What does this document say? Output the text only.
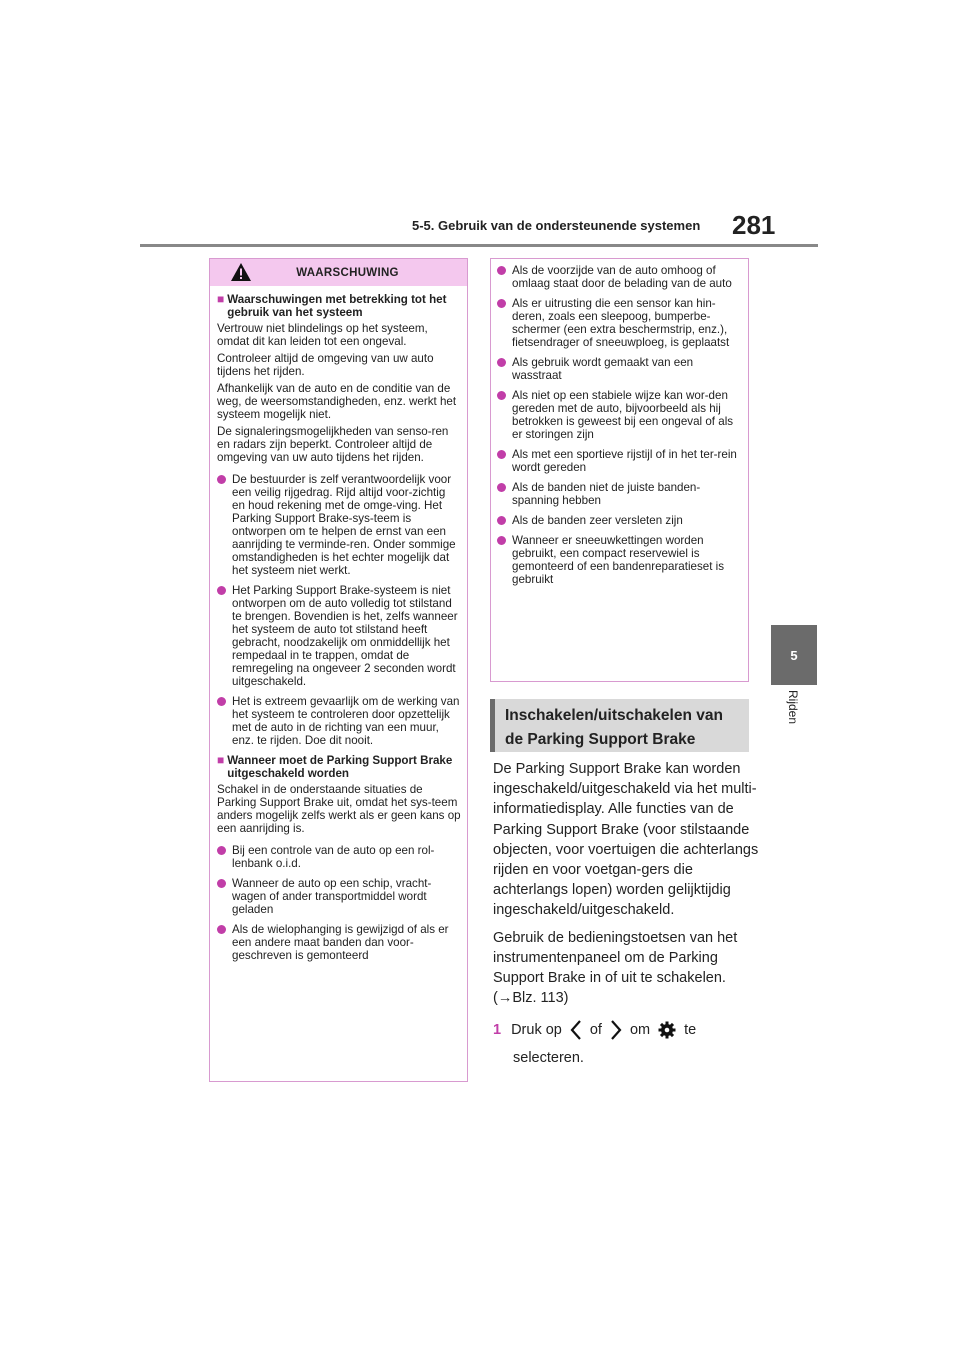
5-5. Gebruik van de ondersteunende systemen 281
5
Rijden
WAARSCHUWING
■ Waarschuwingen met betrekking tot het gebruik van het systeem

Vertrouw niet blindelings op het systeem, omdat dit kan leiden tot een ongeval.

Controleer altijd de omgeving van uw auto tijdens het rijden.

Afhankelijk van de auto en de conditie van de weg, de weersomstandigheden, enz. werkt het systeem mogelijk niet.

De signaleringsmogelijkheden van senso-ren en radars zijn beperkt. Controleer altijd de omgeving van uw auto tijdens het rijden.

De bestuurder is zelf verantwoordelijk voor een veilig rijgedrag. Rijd altijd voor-zichtig en houd rekening met de omge-ving. Het Parking Support Brake-sys-teem is ontworpen om te helpen de ernst van een aanrijding te verminde-ren. Onder sommige omstandigheden is het echter mogelijk dat het systeem niet werkt.
Het Parking Support Brake-systeem is niet ontworpen om de auto volledig tot stilstand te brengen. Bovendien is het, zelfs wanneer het systeem de auto tot stilstand heeft gebracht, noodzakelijk om onmiddellijk het rempedaal in te trappen, omdat de remregeling na ongeveer 2 seconden wordt uitgeschakeld.
Het is extreem gevaarlijk om de werking van het systeem te controleren door opzettelijk met de auto in de richting van een muur, enz. te rijden. Doe dit nooit.
■ Wanneer moet de Parking Support Brake uitgeschakeld worden

Schakel in de onderstaande situaties de Parking Support Brake uit, omdat het sys-teem anders mogelijk zelfs werkt als er geen kans op een aanrijding is.

Bij een controle van de auto op een rol-lenbank o.i.d.
Wanneer de auto op een schip, vracht-wagen of ander transportmiddel wordt geladen
Als de wielophanging is gewijzigd of als er een andere maat banden dan voor-geschreven is gemonteerd
Als de voorzijde van de auto omhoog of omlaag staat door de belading van de auto
Als er uitrusting die een sensor kan hin-deren, zoals een sleepoog, bumperbe-schermer (een extra beschermstrip, enz.), fietsendrager of sneeuwploeg, is geplaatst
Als gebruik wordt gemaakt van een wasstraat
Als niet op een stabiele wijze kan wor-den gereden met de auto, bijvoorbeeld als hij betrokken is geweest bij een ongeval of als er storingen zijn
Als met een sportieve rijstijl of in het ter-rein wordt gereden
Als de banden niet de juiste banden-spanning hebben
Als de banden zeer versleten zijn
Wanneer er sneeuwkettingen worden gebruikt, een compact reservewiel is gemonteerd of een bandenreparatieset is gebruikt
Inschakelen/uitschakelen van
de Parking Support Brake

De Parking Support Brake kan worden ingeschakeld/uitgeschakeld via het multi-informatiedisplay. Alle functies van de Parking Support Brake (voor stilstaande objecten, voor voertuigen die achterlangs rijden en voor voetgan-gers die achterlangs lopen) worden gelijktijdig ingeschakeld/uitgeschakeld.

Gebruik de bedieningstoetsen van het instrumentenpaneel om de Parking Support Brake in of uit te schakelen. (→Blz. 113)

1 Druk op of om te
selecteren.
